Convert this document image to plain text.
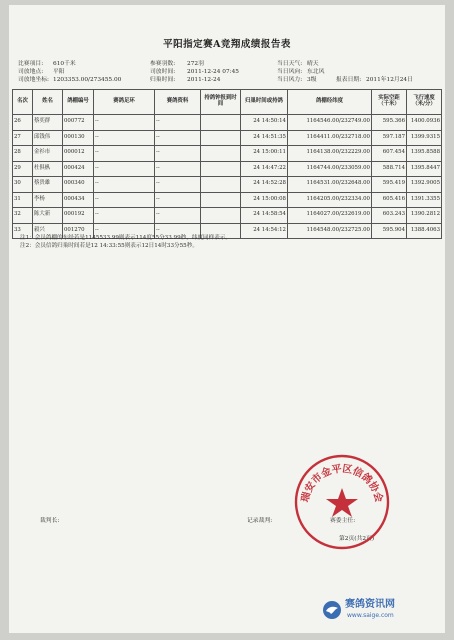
平阳指定赛A竞翔成绩报告表
比赛项目: 610千米
司放地点: 平阳
司放地坐标: 1203353.00/273455.00
参赛羽数: 272羽
司放时间: 2011-12-24 07:45
归巢时间: 2011-12-24
当日天气: 晴天
当日风向: 东北风
当日风力: 3级	报表日期: 2011年12月24日
名次	姓名	鸽棚编号	赛鸽足环	赛鸽资料	持鸽钟报到时间	归巢时间或持鸽	鸽棚经纬度	实际空距（千米）	飞行速度（米/分）
26	蔡奕群	000772	--	--		24 14:50:14	1164546.00/232749.00	595.366	1400.0936
27	邱钱伟	000130	--	--		24 14:51:35	1164411.00/232718.00	597.187	1399.9315
28	金衫市	000012	--	--		24 15:00:11	1164138.00/232229.00	607.454	1395.8588
29	杜俱枞	000424	--	--		24 14:47:22	1164744.00/233059.00	588.714	1395.8447
30	蔡贵雄	000340	--	--		24 14:52:28	1164531.00/232648.00	595.419	1392.9005
31	李杨	000434	--	--		24 15:00:08	1164205.00/232334.00	605.416	1391.3355
32	陈大新	000192	--	--		24 14:58:54	1164027.00/232619.00	603.243	1390.2812
33	毅兴	001270	--	--		24 14:54:12	1164548.00/232725.00	595.904	1388.4063
注1：会员鸽棚的东经若是1145533.99则表示114度55分33.99秒，纬度同样表示。
注2：会员信鸽归巢时间若是12 14:33:55则表示12日14时33分55秒。
裁判长:	记录裁判:	赛委主任:
第2页(共2页)
瑞安市金平区信鸽协会
赛鸽资讯网
www.saige.com
